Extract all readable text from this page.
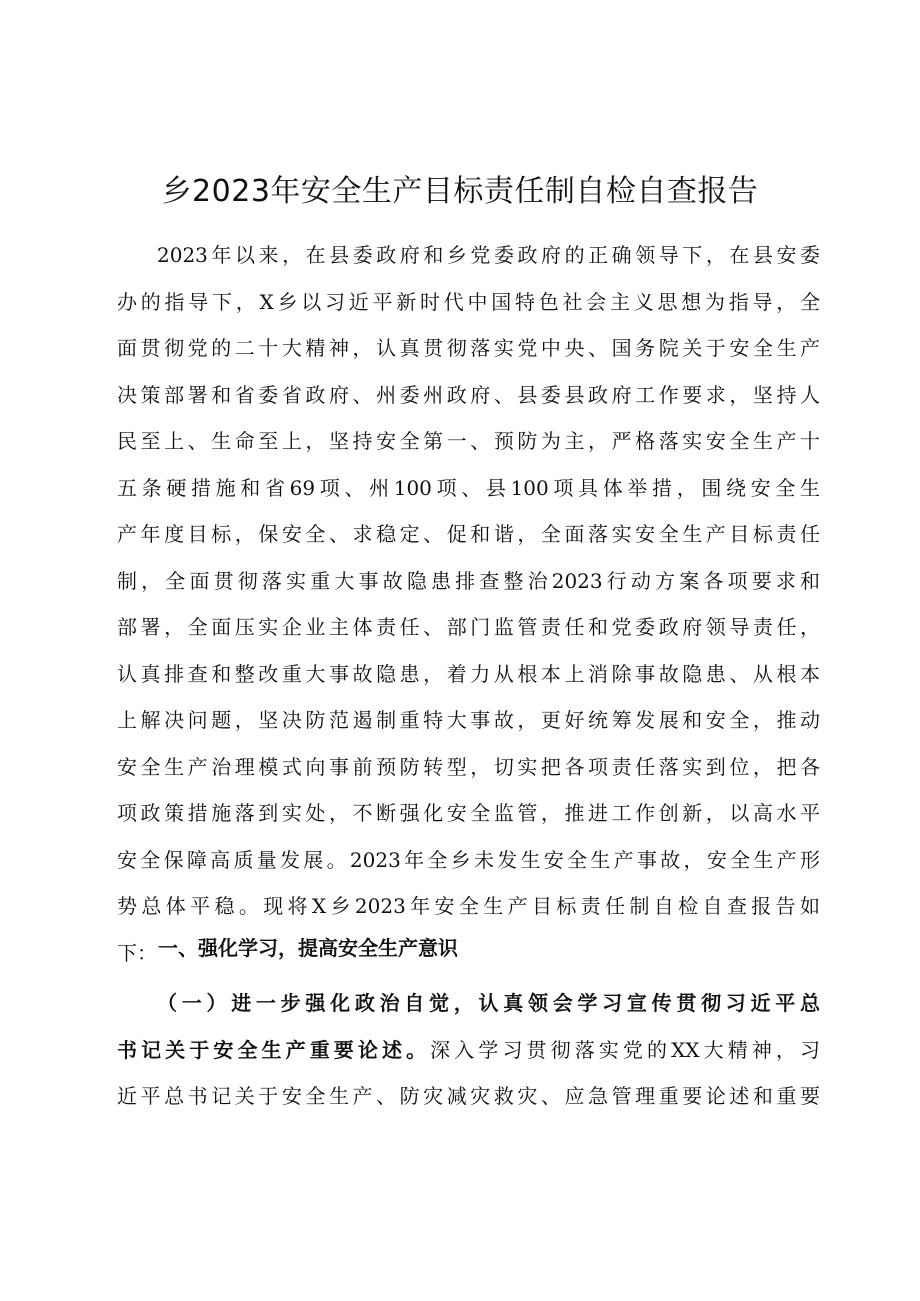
乡2023年安全生产目标责任制自检自查报告
2023年以来，在县委政府和乡党委政府的正确领导下，在县安委
办的指导下，X乡以习近平新时代中国特色社会主义思想为指导，全
面贯彻党的二十大精神，认真贯彻落实党中央、国务院关于安全生产
决策部署和省委省政府、州委州政府、县委县政府工作要求，坚持人
民至上、生命至上，坚持安全第一、预防为主，严格落实安全生产十
五条硬措施和省69项、州100项、县100项具体举措，围绕安全生
产年度目标，保安全、求稳定、促和谐，全面落实安全生产目标责任
制，全面贯彻落实重大事故隐患排查整治2023行动方案各项要求和
部署，全面压实企业主体责任、部门监管责任和党委政府领导责任，
认真排查和整改重大事故隐患，着力从根本上消除事故隐患、从根本
上解决问题，坚决防范遏制重特大事故，更好统筹发展和安全，推动
安全生产治理模式向事前预防转型，切实把各项责任落实到位，把各
项政策措施落到实处，不断强化安全监管，推进工作创新，以高水平
安全保障高质量发展。2023年全乡未发生安全生产事故，安全生产形
势总体平稳。现将X乡2023年安全生产目标责任制自检自查报告如
下： 一、强化学习，提高安全生产意识
（一）进一步强化政治自觉，认真领会学习宣传贯彻习近平总
书记关于安全生产重要论述。深入学习贯彻落实党的XX大精神，习
近平总书记关于安全生产、防灾减灾救灾、应急管理重要论述和重要
